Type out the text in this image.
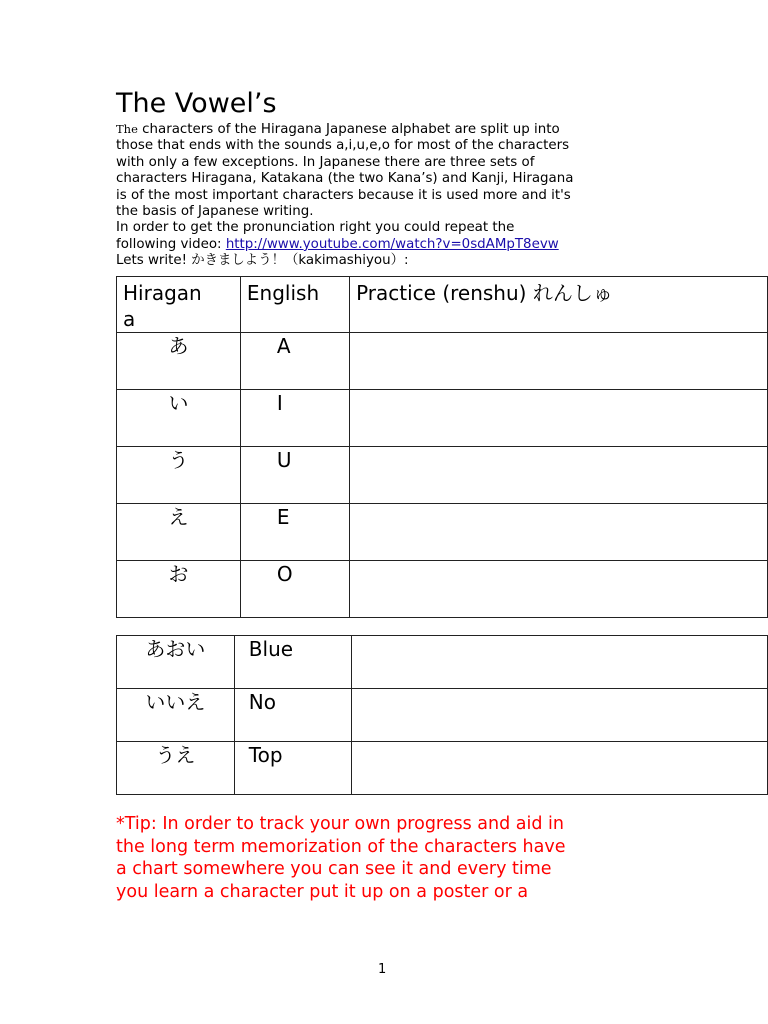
The Vowel’s

The characters of the Hiragana Japanese alphabet are split up into

those that ends with the sounds a,i,u,e,o for most of the characters

with only a few exceptions. In Japanese there are three sets of

characters Hiragana, Katakana (the two Kana’s) and Kanji, Hiragana

is of the most important characters because it is used more and it's

the basis of Japanese writing.

In order to get the pronunciation right you could repeat the

following video: http://www.youtube.com/watch?v=0sdAMpT8evw

Lets write! かきましよう！（kakimashiyou）:

Hiragan
a	English	Practice (renshu) れんしゅ
あ	A	
い	I	
う	U	
え	E	
お	O	
あおい	Blue	
いいえ	No	
うえ	Top	

*Tip: In order to track your own progress and aid in

the long term memorization of the characters have

a chart somewhere you can see it and every time

you learn a character put it up on a poster or a

1
